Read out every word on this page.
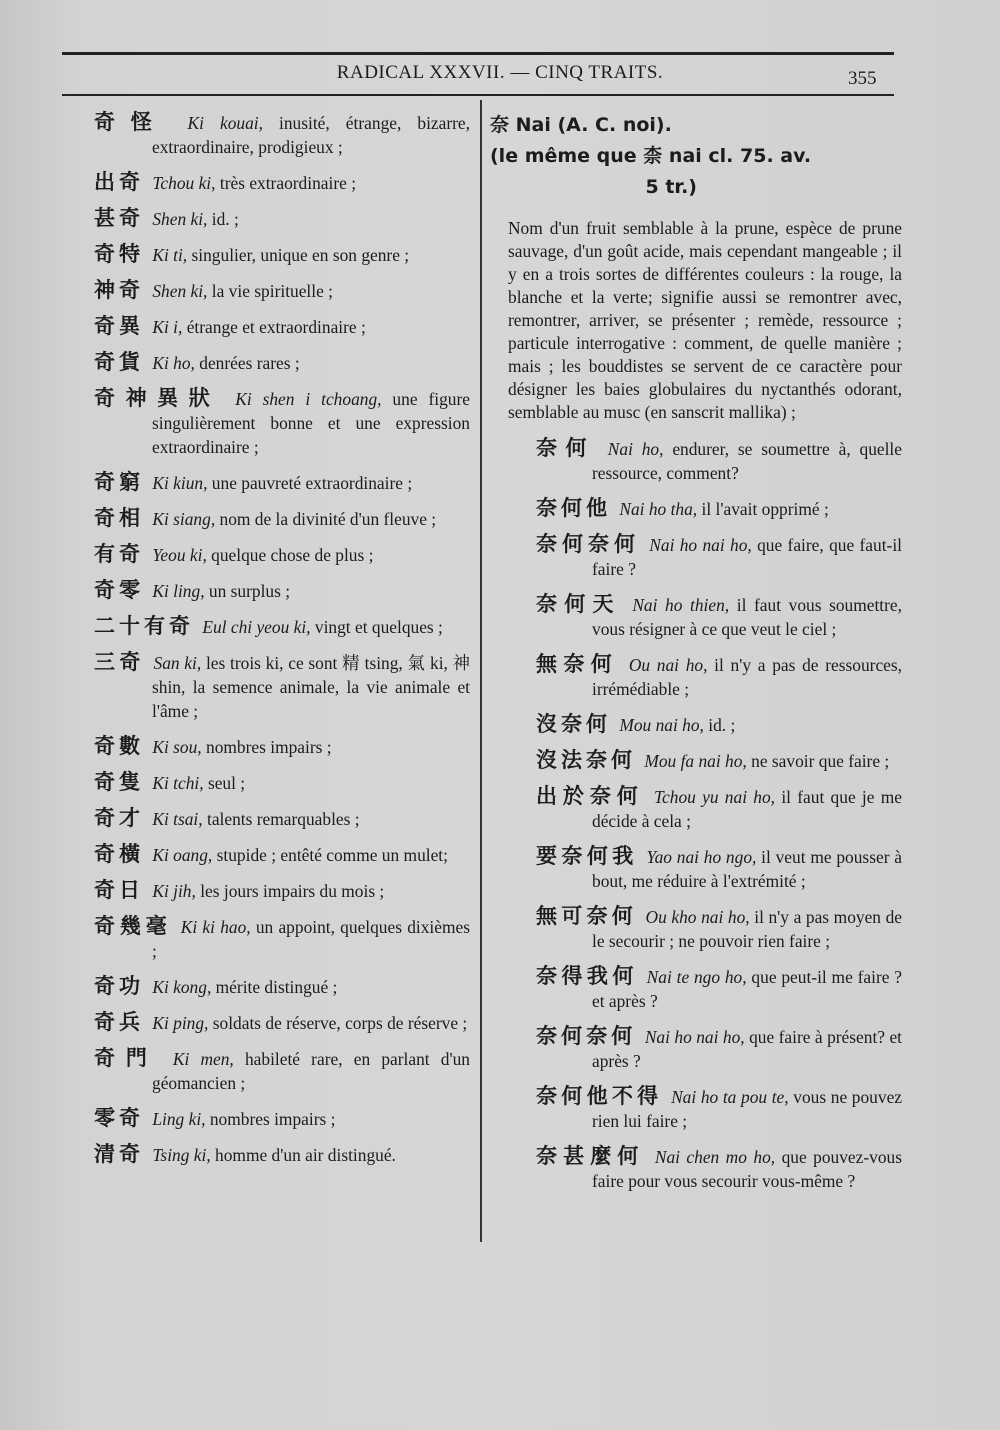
RADICAL XXXVII. — CINQ TRAITS.	355
奇怪 Ki kouai, inusité, étrange, bizarre, extraordinaire, prodigieux ;
出奇 Tchou ki, très extraordinaire ;
甚奇 Shen ki, id. ;
奇特 Ki ti, singulier, unique en son genre ;
神奇 Shen ki, la vie spirituelle ;
奇異 Ki i, étrange et extraordinaire ;
奇貨 Ki ho, denrées rares ;
奇神異狀 Ki shen i tchoang, une figure singulièrement bonne et une expression extraordinaire ;
奇窮 Ki kiun, une pauvreté extraordinaire ;
奇相 Ki siang, nom de la divinité d'un fleuve ;
有奇 Yeou ki, quelque chose de plus ;
奇零 Ki ling, un surplus ;
二十有奇 Eul chi yeou ki, vingt et quelques ;
三奇 San ki, les trois ki, ce sont 精 tsing, 氣 ki, 神 shin, la semence animale, la vie animale et l'âme ;
奇數 Ki sou, nombres impairs ;
奇隻 Ki tchi, seul ;
奇才 Ki tsai, talents remarquables ;
奇橫 Ki oang, stupide ; entêté comme un mulet;
奇日 Ki jih, les jours impairs du mois ;
奇幾毫 Ki ki hao, un appoint, quelques dixièmes ;
奇功 Ki kong, mérite distingué ;
奇兵 Ki ping, soldats de réserve, corps de réserve ;
奇門 Ki men, habileté rare, en parlant d'un géomancien ;
零奇 Ling ki, nombres impairs ;
清奇 Tsing ki, homme d'un air distingué.

奈 Nai (A. C. noi).

(le même que 柰 nai cl. 75. av.

5 tr.)

Nom d'un fruit semblable à la prune, espèce de prune sauvage, d'un goût acide, mais cependant mangeable ; il y en a trois sortes de différentes couleurs : la rouge, la blanche et la verte; signifie aussi se remontrer avec, remontrer, arriver, se présenter ; remède, ressource ; particule interrogative : comment, de quelle manière ; mais ; les bouddistes se servent de ce caractère pour désigner les baies globulaires du nyctanthés odorant, semblable au musc (en sanscrit mallika) ;

奈何 Nai ho, endurer, se soumettre à, quelle ressource, comment?
奈何他 Nai ho tha, il l'avait opprimé ;
奈何奈何 Nai ho nai ho, que faire, que faut-il faire ?
奈何天 Nai ho thien, il faut vous soumettre, vous résigner à ce que veut le ciel ;
無奈何 Ou nai ho, il n'y a pas de ressources, irrémédiable ;
沒奈何 Mou nai ho, id. ;
沒法奈何 Mou fa nai ho, ne savoir que faire ;
出於奈何 Tchou yu nai ho, il faut que je me décide à cela ;
要奈何我 Yao nai ho ngo, il veut me pousser à bout, me réduire à l'extrémité ;
無可奈何 Ou kho nai ho, il n'y a pas moyen de le secourir ; ne pouvoir rien faire ;
奈得我何 Nai te ngo ho, que peut-il me faire ? et après ?
奈何奈何 Nai ho nai ho, que faire à présent? et après ?
奈何他不得 Nai ho ta pou te, vous ne pouvez rien lui faire ;
奈甚麼何 Nai chen mo ho, que pouvez-vous faire pour vous secourir vous-même ?
